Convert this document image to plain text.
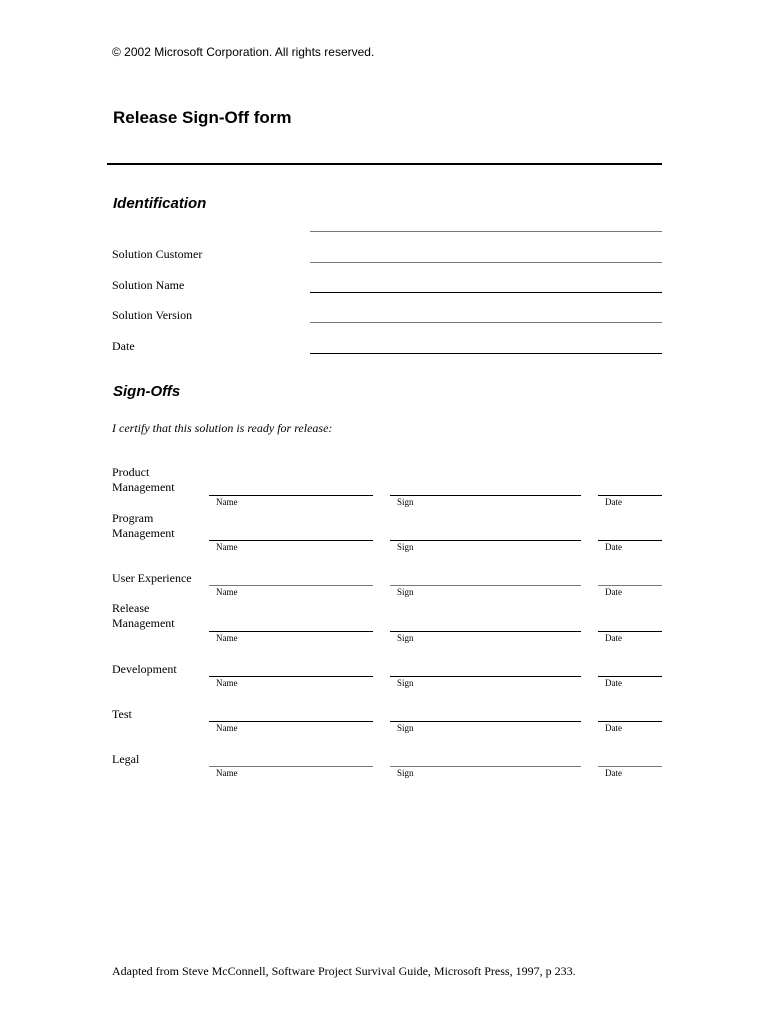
© 2002 Microsoft Corporation. All rights reserved.
Release Sign-Off form
Identification
Solution Customer
Solution Name
Solution Version
Date
Sign-Offs
I certify that this solution is ready for release:
Product
Management
Name	Sign	Date
Program
Management
Name	Sign	Date
User Experience
Name	Sign	Date
Release
Management
Name	Sign	Date
Development
Name	Sign	Date
Test
Name	Sign	Date
Legal
Name	Sign	Date
Adapted from Steve McConnell, Software Project Survival Guide, Microsoft Press, 1997, p 233.
